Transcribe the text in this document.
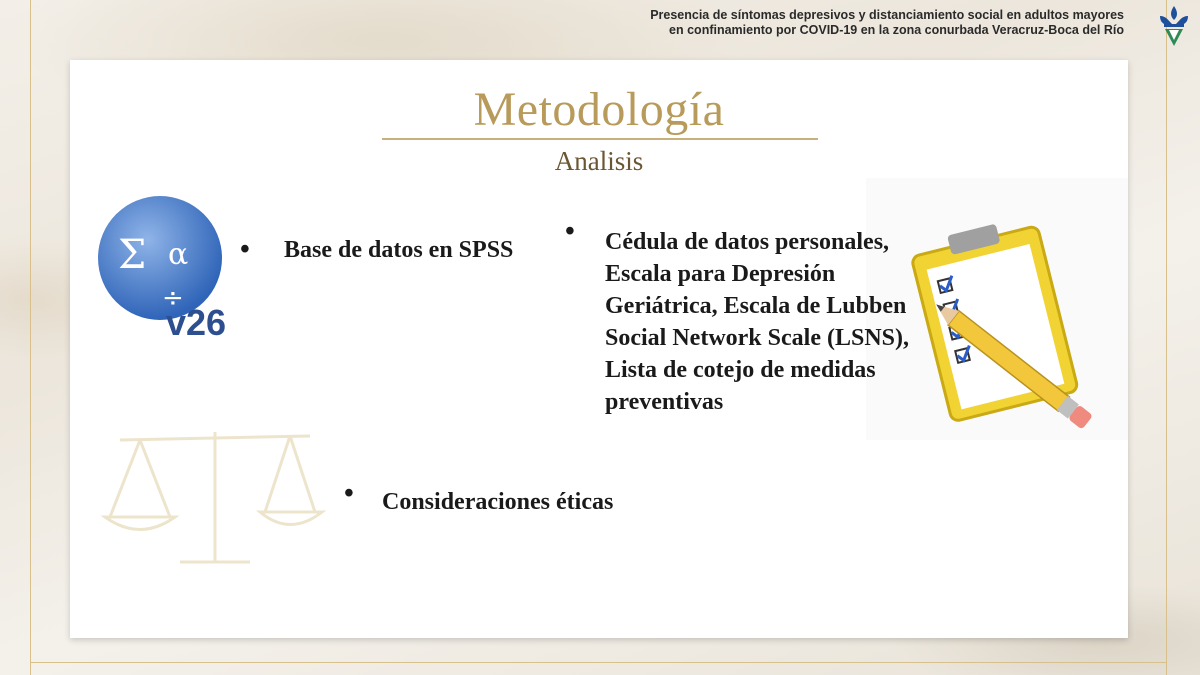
Presencia de síntomas depresivos y distanciamiento social en adultos mayores
en confinamiento por COVID-19 en la zona conurbada Veracruz-Boca del Río
Metodología
Analisis
Σ α
÷
v26
• Base de datos en SPSS
• Cédula de datos personales, Escala para Depresión Geriátrica, Escala de Lubben Social Network Scale (LSNS), Lista de cotejo de medidas preventivas
• Consideraciones éticas
